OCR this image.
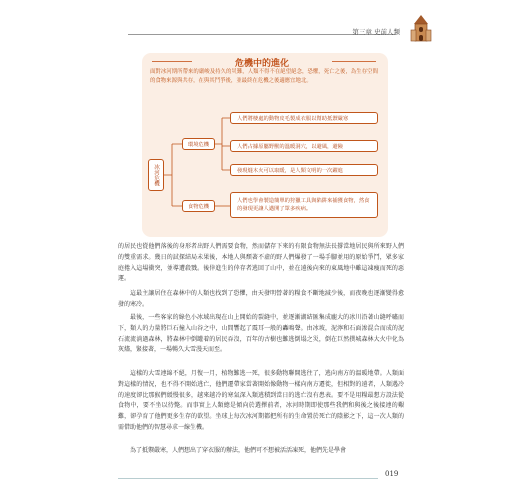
第三章 史前人類
危機中的進化
面對冰河期所帶來的嚴峻及持久的災難，人類不得不在絕望絕念，恐懼，死亡之後，為生存空間的食物來源與共存，在與其鬥爭後，並最終在危機之後適應宜地北。
冰河危機
環境危機
食物危機
人們將棲處的動物皮毛製成衣服以幫助抵禦嚴寒
人們占據原屬野獸的溫暖洞穴，以避風，避險
發現燧木火可以取暖，是人類文明的一次躍進
人們也學會製造簡單的狩獵工具與陷阱來捕獲食物，然食的發現更讓人邁開了眾多疾病。
的居民也從他們落後的身形者出野人們需要食物，然而儲存下來的有限食物無法長撐當地居民與所來野人們的雙重需求。幾日的試探結局未果後，本地人與頹著不虛的野人們爆發了一場手腳並用的原始爭鬥，眾多家庭捲入這場衝突，並導遭殺戮。後倖進生的倖存者逃回了山中，並在遠後向來的東風地中雖這凍瘦而死的惡運。
這最主讓居住在森林中的人類也找到了恐懼，由天發明營著的糧食不斷地減少後，而夜晚也逐漸變得愈發的寒冷。
最後，一些客家的綠色小冰域出現在山上開始的裂縫中，並逐漸湖結匯集成龐大的冰川沿著山縫呼嘯而下，類人的力量將巨石撞入山谷之中，山間響起了震耳一般的轟鳴聲。由冰坡，泥濘和石面渗混合而成的泥石流流淌過森林，將森林中倒罐着的居民吞沒，百年的古樹也難逃倒塌之災，倒在巨然撲城森林大火中化為灰燼，緊接著，一場暢久大雪漫天而至。
這樣的大雪連綿不絕，月復一月，植物難逃一死，很多動物聯開逃往了，逃向南方的溫暖地帶。人類面對這樣的情況，也不得不開始逃亡，他們遷帶家當著開始像動物一樣向南方遷徙，但相對的遠者，人類遇冷的速度卻比那猴們緩慢很多，越來越冷的寒氣深入類逃積到當日的逃亡沒有患表。要不是用糧最想方設法從食物中，要不坐以待斃。而事實上人類總是傾向於選擇前者，冰河時期即使那些我們和與後之後接連的艱難，卻孕育了他們更多生存的欲望。坐球上每次冰河期都把所有的生命置於死亡的陰影之下，這一次人類的需借助他們的智慧尋求一線生機。
為了抵禦嚴寒，人們想出了穿衣服的辦法，他們可不想被活活凍死，他們先是學會
019
